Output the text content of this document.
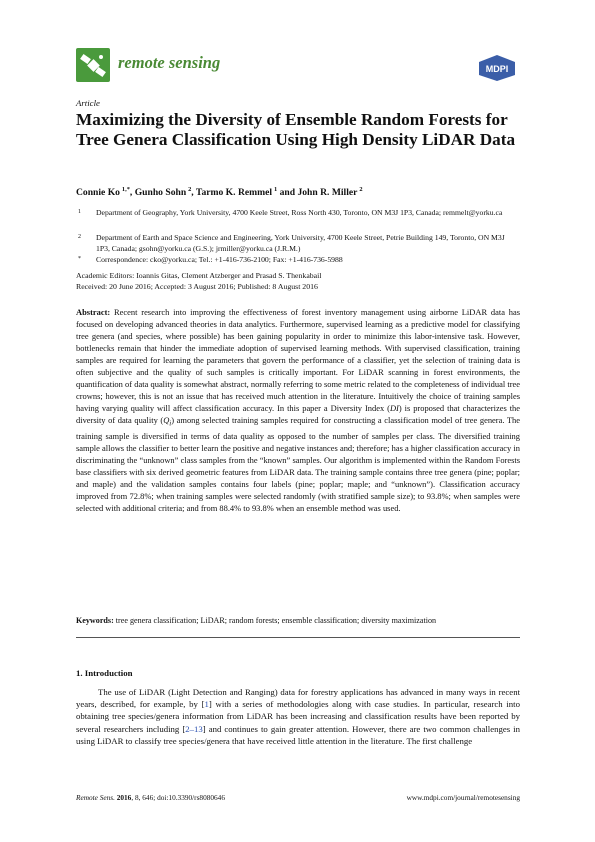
remote sensing	MDPI
Article
Maximizing the Diversity of Ensemble Random Forests for Tree Genera Classification Using High Density LiDAR Data
Connie Ko  $^{1,*}$, Gunho Sohn  $^2$, Tarmo K. Remmel  $^1$ and John R. Miller  $^2$
1 Department of Geography, York University, 4700 Keele Street, Ross North 430, Toronto, ON M3J 1P3, Canada; remmelt@yorku.ca
2 Department of Earth and Space Science and Engineering, York University, 4700 Keele Street, Petrie Building 149, Toronto, ON M3J 1P3, Canada; gsohn@yorku.ca (G.S.); jrmiller@yorku.ca (J.R.M.)
* Correspondence: cko@yorku.ca; Tel.: +1-416-736-2100; Fax: +1-416-736-5988
Academic Editors: Ioannis Gitas, Clement Atzberger and Prasad S. Thenkabail
Received: 20 June 2016; Accepted: 3 August 2016; Published: 8 August 2016
Abstract: Recent research into improving the effectiveness of forest inventory management using airborne LiDAR data has focused on developing advanced theories in data analytics. Furthermore, supervised learning as a predictive model for classifying tree genera (and species, where possible) has been gaining popularity in order to minimize this labor-intensive task. However, bottlenecks remain that hinder the immediate adoption of supervised learning methods. With supervised classification, training samples are required for learning the parameters that govern the performance of a classifier, yet the selection of training data is often subjective and the quality of such samples is critically important. For LiDAR scanning in forest environments, the quantification of data quality is somewhat abstract, normally referring to some metric related to the completeness of individual tree crowns; however, this is not an issue that has received much attention in the literature. Intuitively the choice of training samples having varying quality will affect classification accuracy. In this paper a Diversity Index (DI) is proposed that characterizes the diversity of data quality $(Q_i)$ among selected training samples required for constructing a classification model of tree genera. The training sample is diversified in terms of data quality as opposed to the number of samples per class. The diversified training sample allows the classifier to better learn the positive and negative instances and; therefore; has a higher classification accuracy in discriminating the “unknown” class samples from the “known” samples. Our algorithm is implemented within the Random Forests base classifiers with six derived geometric features from LiDAR data. The training sample contains three tree genera (pine; poplar; and maple) and the validation samples contains four labels (pine; poplar; maple; and “unknown”). Classification accuracy improved from 72.8%; when training samples were selected randomly (with stratified sample size); to 93.8%; when samples were selected with additional criteria; and from 88.4% to 93.8% when an ensemble method was used.
Keywords: tree genera classification; LiDAR; random forests; ensemble classification; diversity maximization
1. Introduction
The use of LiDAR (Light Detection and Ranging) data for forestry applications has advanced in many ways in recent years, described, for example, by [1] with a series of methodologies along with case studies. In particular, research into obtaining tree species/genera information from LiDAR has been increasing and classification results have been reported by several researchers including [2–13] and continues to gain greater attention. However, there are two common challenges in using LiDAR to classify tree species/genera that have received little attention in the literature. The first challenge
Remote Sens. 2016, 8, 646; doi:10.3390/rs8080646	www.mdpi.com/journal/remotesensing
